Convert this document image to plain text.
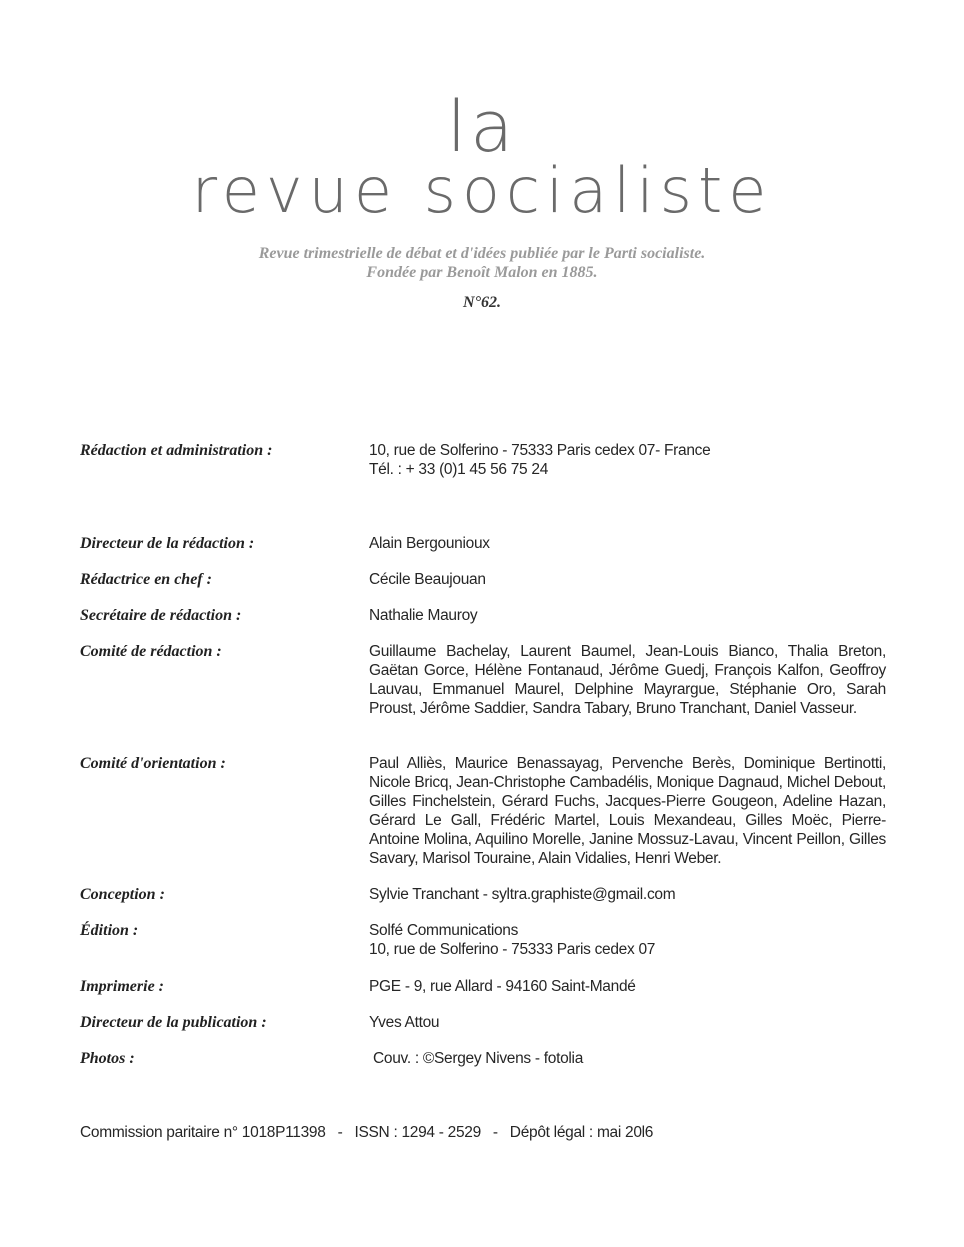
la
revue socialiste
Revue trimestrielle de débat et d'idées publiée par le Parti socialiste.
Fondée par Benoît Malon en 1885.
N°62.
Rédaction et administration :	10, rue de Solferino - 75333 Paris cedex 07- France
Tél. : + 33 (0)1 45 56 75 24
Directeur de la rédaction :	Alain Bergounioux
Rédactrice en chef :	Cécile Beaujouan
Secrétaire de rédaction :	Nathalie Mauroy
Comité de rédaction :	Guillaume Bachelay, Laurent Baumel, Jean-Louis Bianco, Thalia Breton, Gaëtan Gorce, Hélène Fontanaud, Jérôme Guedj, François Kalfon, Geoffroy Lauvau, Emmanuel Maurel, Delphine Mayrargue, Stéphanie Oro, Sarah Proust, Jérôme Saddier, Sandra Tabary, Bruno Tranchant, Daniel Vasseur.
Comité d'orientation :	Paul Alliès, Maurice Benassayag, Pervenche Berès, Dominique Bertinotti, Nicole Bricq, Jean-Christophe Cambadélis, Monique Dagnaud, Michel Debout, Gilles Finchelstein, Gérard Fuchs, Jacques-Pierre Gougeon, Adeline Hazan, Gérard Le Gall, Frédéric Martel, Louis Mexandeau, Gilles Moëc, Pierre-Antoine Molina, Aquilino Morelle, Janine Mossuz-Lavau, Vincent Peillon, Gilles Savary, Marisol Touraine, Alain Vidalies, Henri Weber.
Conception :	Sylvie Tranchant - syltra.graphiste@gmail.com
Édition :	Solfé Communications
10, rue de Solferino - 75333 Paris cedex 07
Imprimerie :	PGE - 9, rue Allard - 94160 Saint-Mandé
Directeur de la publication :	Yves Attou
Photos :	Couv. : ©Sergey Nivens - fotolia
Commission paritaire n° 1018P11398   -   ISSN : 1294 - 2529   -   Dépôt légal : mai 20l6
